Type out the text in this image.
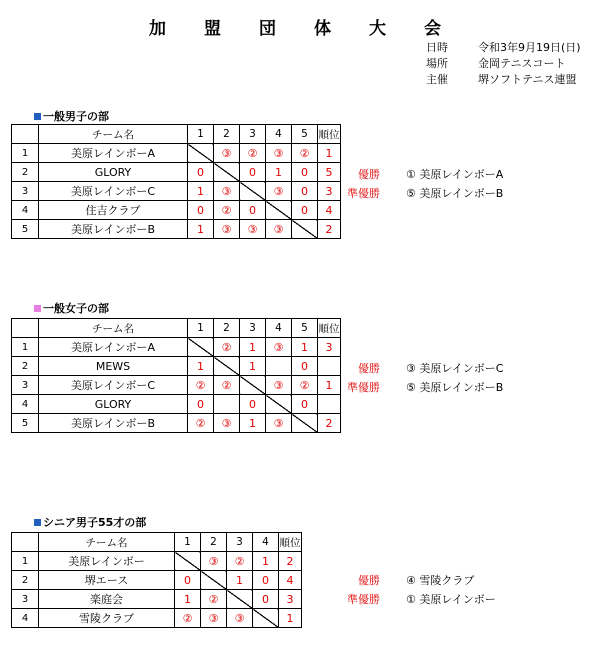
加盟団体大会
日時	令和3年9月19日(日)
場所	金岡テニスコート
主催	堺ソフトテニス連盟
一般男子の部
	チーム名	1	2	3	4	5	順位
1	美原レインボーA		③	②	③	②	1
2	GLORY	0		0	1	0	5
3	美原レインボーC	1	③		③	0	3
4	住吉クラブ	0	②	0		0	4
5	美原レインボーB	1	③	③	③		2
優勝 ① 美原レインボーA
準優勝 ⑤ 美原レインボーB
一般女子の部
	チーム名	1	2	3	4	5	順位
1	美原レインボーA		②	1	③	1	3
2	MEWS	1		1		0	
3	美原レインボーC	②	②		③	②	1
4	GLORY	0		0		0	
5	美原レインボーB	②	③	1	③		2
優勝 ③ 美原レインボーC
準優勝 ⑤ 美原レインボーB
シニア男子55才の部
	チーム名	1	2	3	4	順位
1	美原レインボー		③	②	1	2
2	堺エース	0		1	0	4
3	楽庭会	1	②		0	3
4	雪陵クラブ	②	③	③		1
優勝 ④ 雪陵クラブ
準優勝 ① 美原レインボー
